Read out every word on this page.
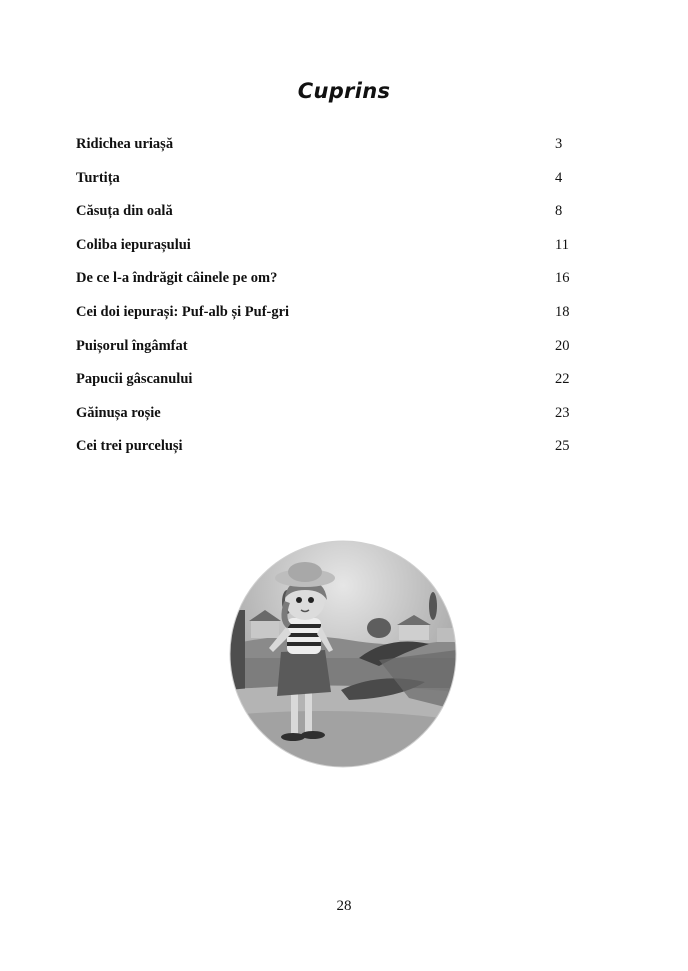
Cuprins
Ridichea uriașă	3
Turtița	4
Căsuța din oală	8
Coliba iepurașului	11
De ce l-a îndrăgit câinele pe om?	16
Cei doi iepurași: Puf-alb și Puf-gri	18
Puișorul îngâmfat	20
Papucii gâscanului	22
Găinușa roșie	23
Cei trei purceluși	25
28
